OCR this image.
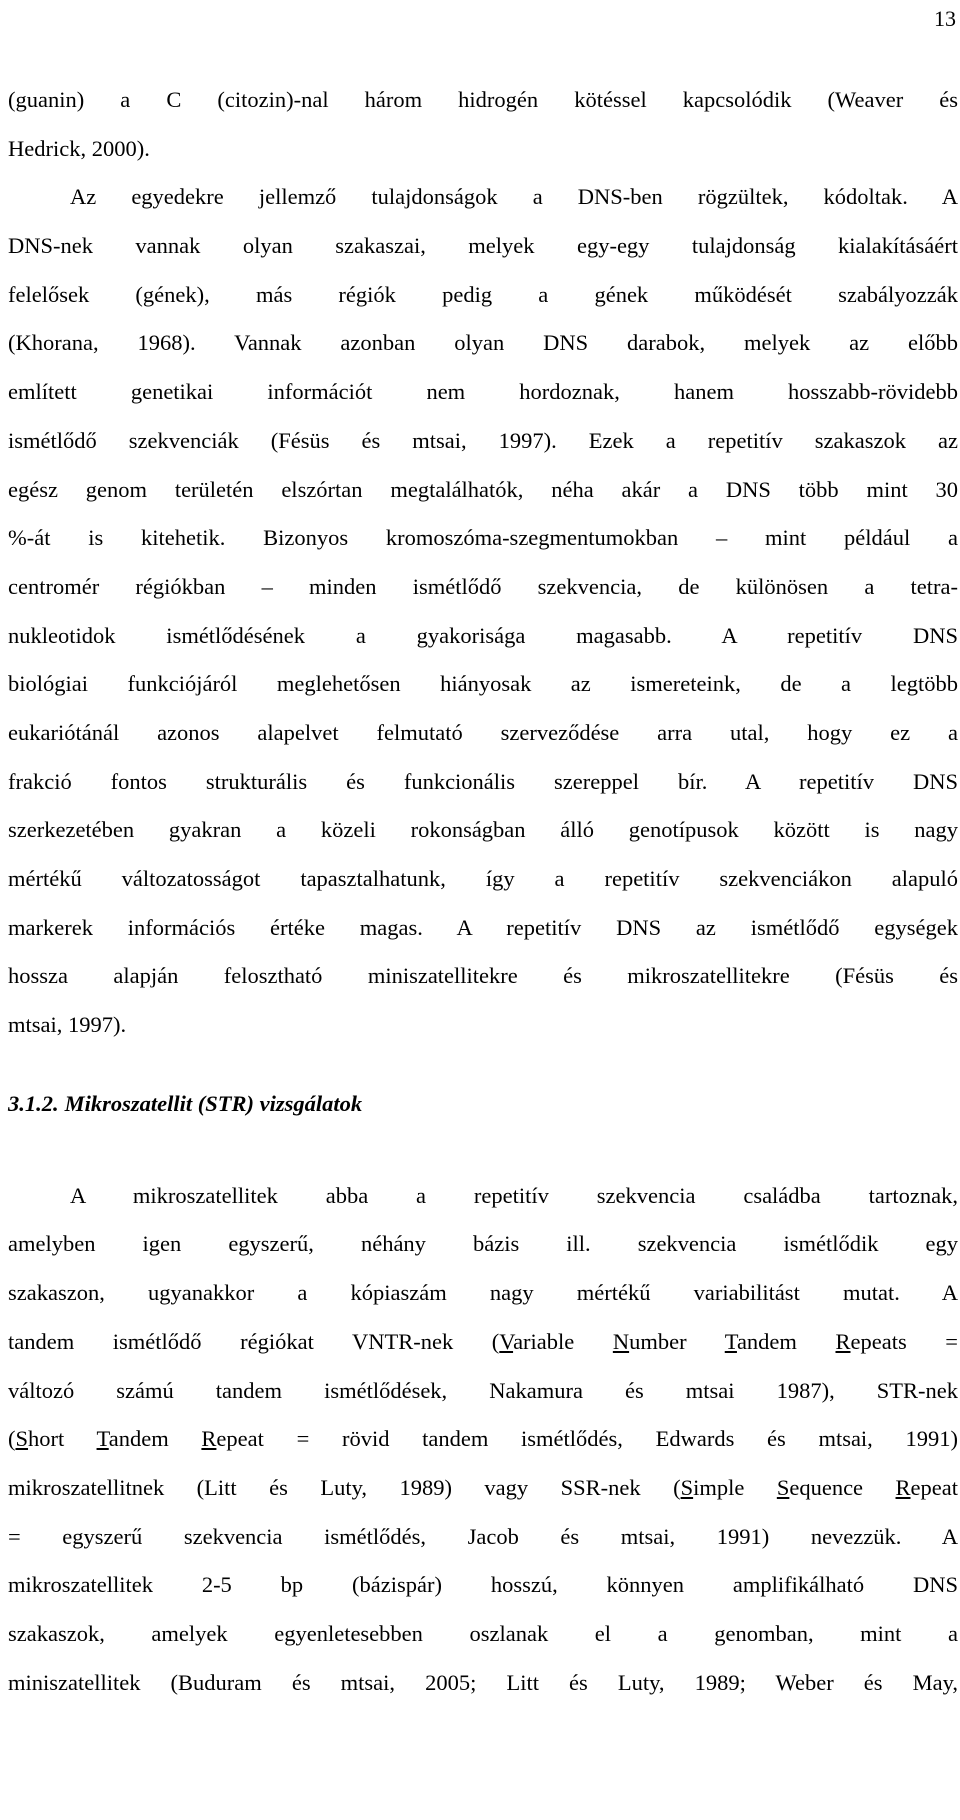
13
(guanin) a C (citozin)-nal három hidrogén kötéssel kapcsolódik (Weaver és
Hedrick, 2000).
Az egyedekre jellemző tulajdonságok a DNS-ben rögzültek, kódoltak. A
DNS-nek vannak olyan szakaszai, melyek egy-egy tulajdonság kialakításáért
felelősek (gének), más régiók pedig a gének működését szabályozzák
(Khorana, 1968). Vannak azonban olyan DNS darabok, melyek az előbb
említett genetikai információt nem hordoznak, hanem hosszabb-rövidebb
ismétlődő szekvenciák (Fésüs és mtsai, 1997). Ezek a repetitív szakaszok az
egész genom területén elszórtan megtalálhatók, néha akár a DNS több mint 30
%-át is kitehetik. Bizonyos kromoszóma-szegmentumokban – mint például a
centromér régiókban – minden ismétlődő szekvencia, de különösen a tetra-
nukleotidok ismétlődésének a gyakorisága magasabb. A repetitív DNS
biológiai funkciójáról meglehetősen hiányosak az ismereteink, de a legtöbb
eukariótánál azonos alapelvet felmutató szerveződése arra utal, hogy ez a
frakció fontos strukturális és funkcionális szereppel bír. A repetitív DNS
szerkezetében gyakran a közeli rokonságban álló genotípusok között is nagy
mértékű változatosságot tapasztalhatunk, így a repetitív szekvenciákon alapuló
markerek információs értéke magas. A repetitív DNS az ismétlődő egységek
hossza alapján felosztható miniszatellitekre és mikroszatellitekre (Fésüs és
mtsai, 1997).
3.1.2. Mikroszatellit (STR) vizsgálatok
A mikroszatellitek abba a repetitív szekvencia családba tartoznak,
amelyben igen egyszerű, néhány bázis ill. szekvencia ismétlődik egy
szakaszon, ugyanakkor a kópiaszám nagy mértékű variabilitást mutat. A
tandem ismétlődő régiókat VNTR-nek (Variable Number Tandem Repeats =
változó számú tandem ismétlődések, Nakamura és mtsai 1987), STR-nek
(Short Tandem Repeat = rövid tandem ismétlődés, Edwards és mtsai, 1991)
mikroszatellitnek (Litt és Luty, 1989) vagy SSR-nek (Simple Sequence Repeat
= egyszerű szekvencia ismétlődés, Jacob és mtsai, 1991) nevezzük. A
mikroszatellitek 2-5 bp (bázispár) hosszú, könnyen amplifikálható DNS
szakaszok, amelyek egyenletesebben oszlanak el a genomban, mint a
miniszatellitek (Buduram és mtsai, 2005; Litt és Luty, 1989; Weber és May,
